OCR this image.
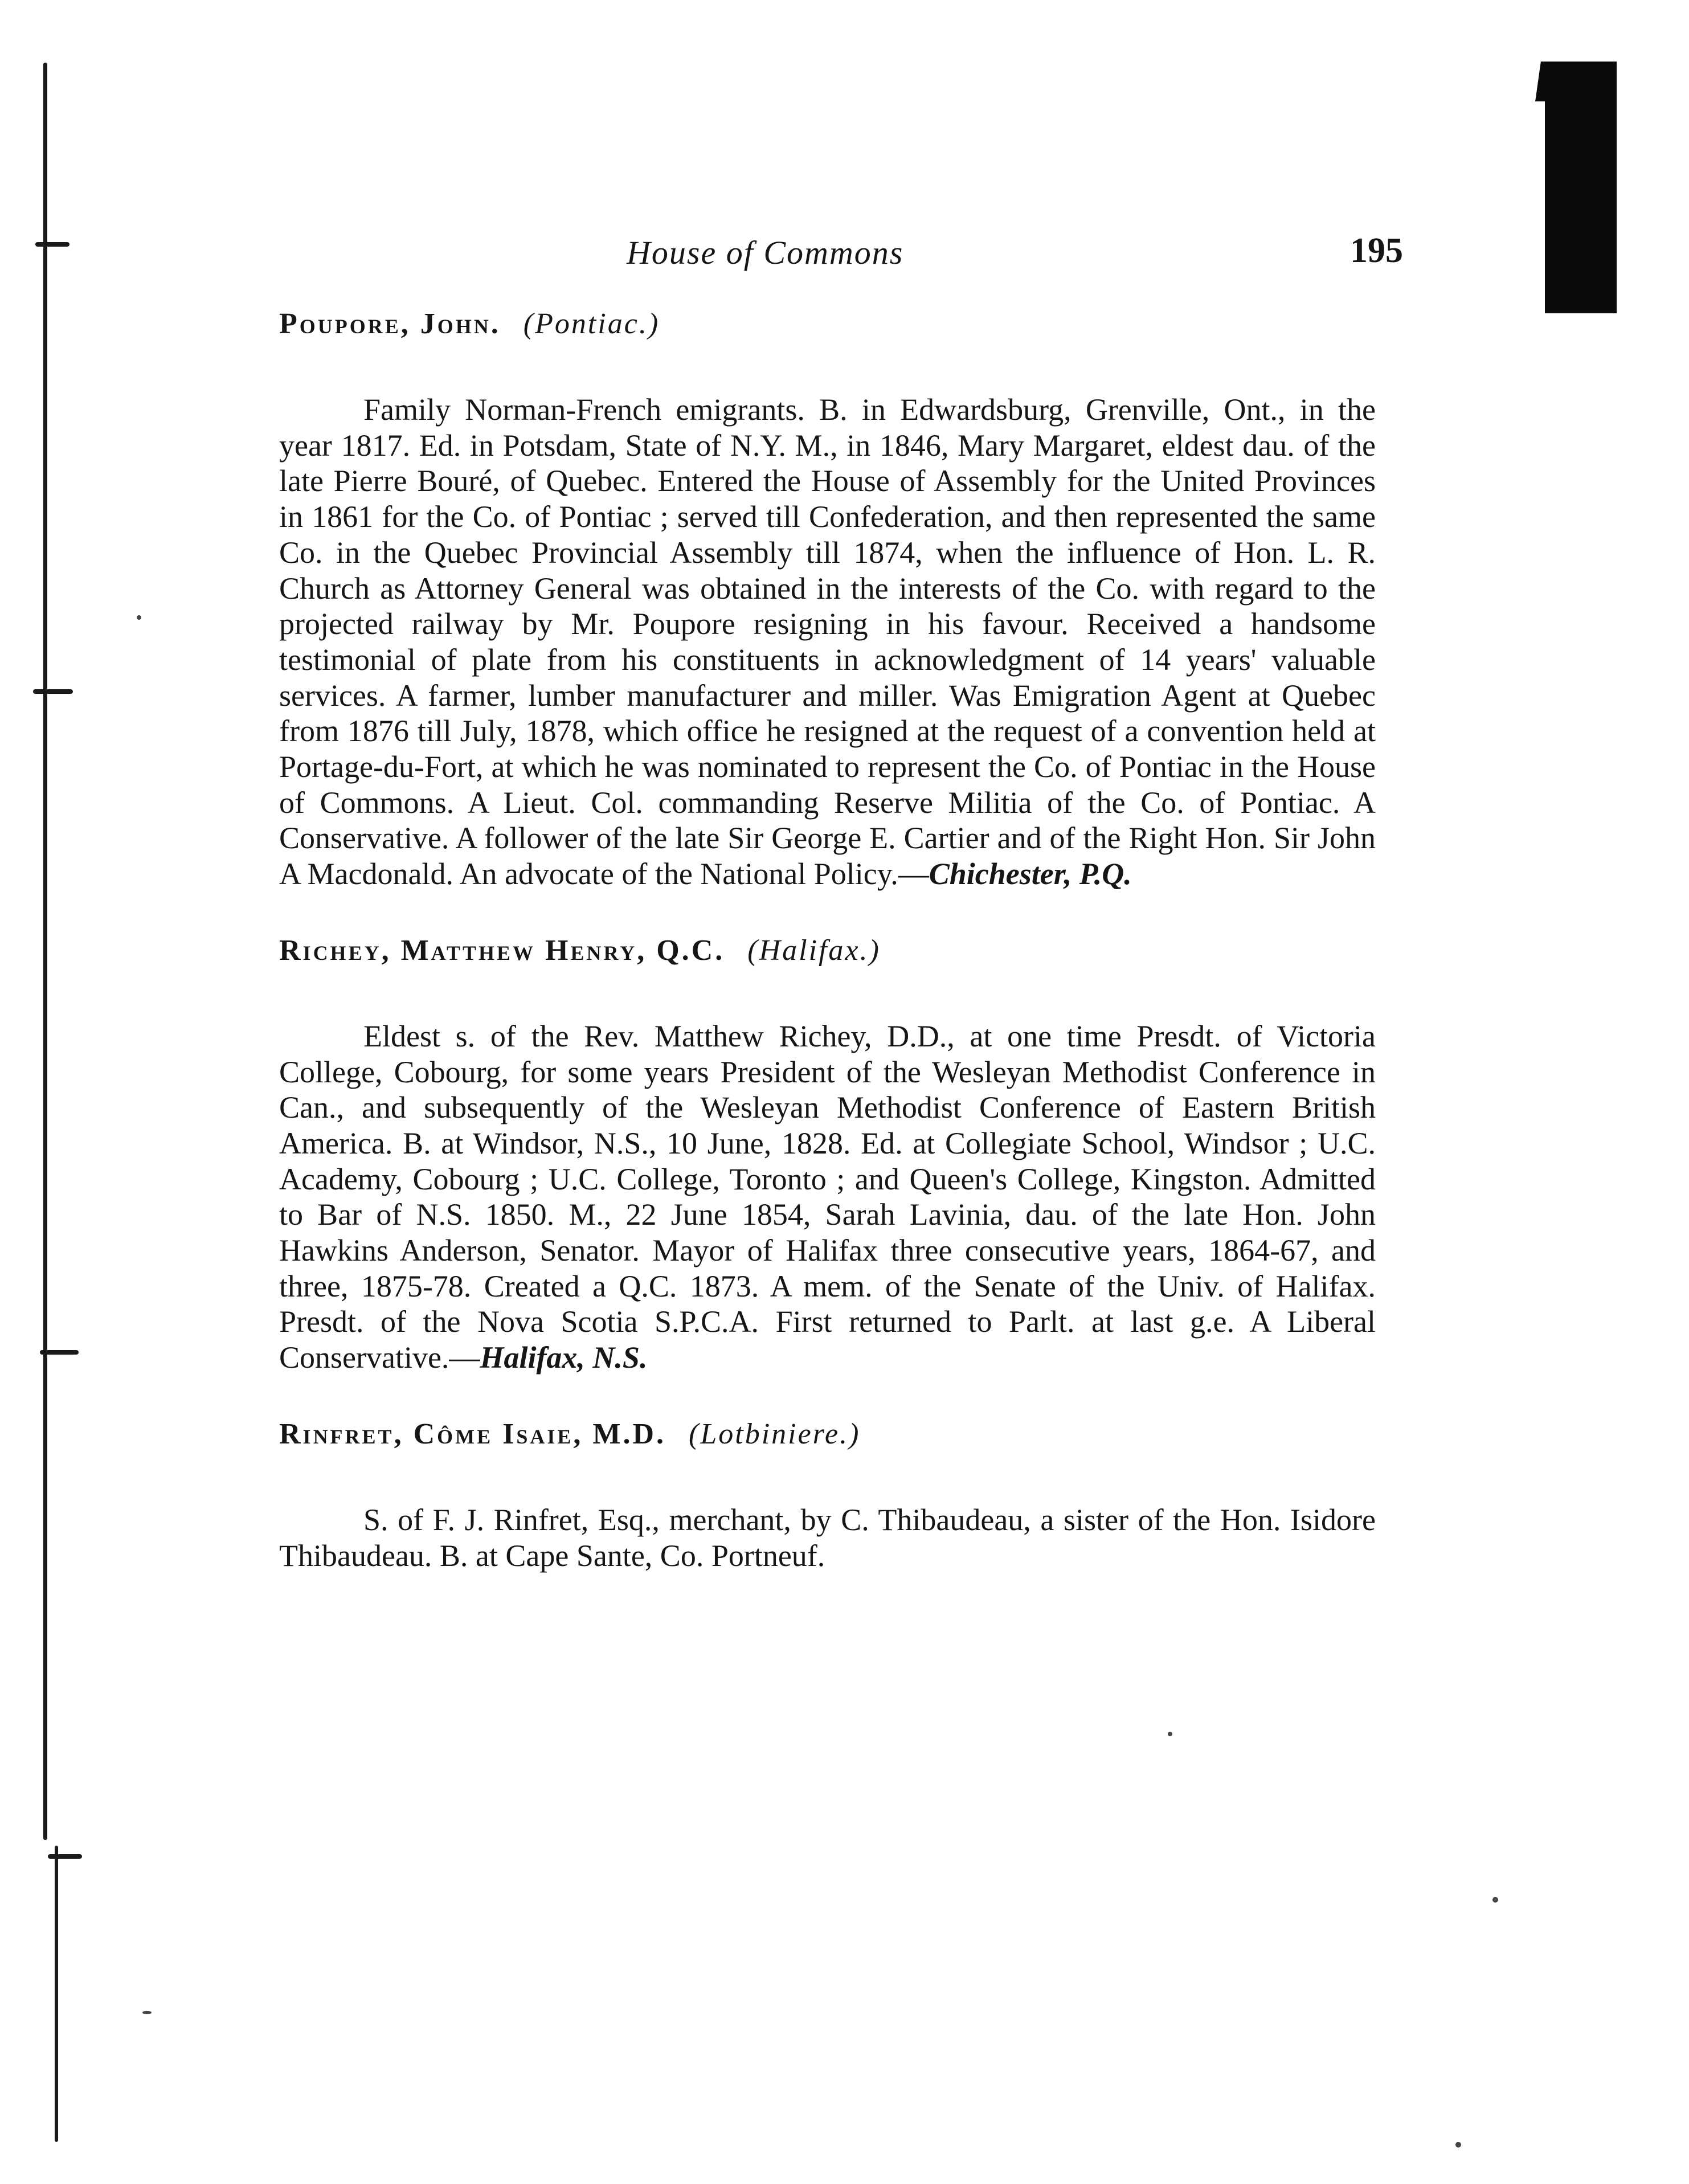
House of Commons	195

Poupore, John. (Pontiac.)

Family Norman-French emigrants. B. in Edwardsburg, Grenville, Ont., in the year 1817. Ed. in Potsdam, State of N.Y. M., in 1846, Mary Margaret, eldest dau. of the late Pierre Bouré, of Quebec. Entered the House of Assembly for the United Provinces in 1861 for the Co. of Pontiac ; served till Confederation, and then represented the same Co. in the Quebec Provincial Assembly till 1874, when the influence of Hon. L. R. Church as Attorney General was obtained in the interests of the Co. with regard to the projected railway by Mr. Poupore resigning in his favour. Received a handsome testimonial of plate from his constituents in acknowledgment of 14 years' valuable services. A farmer, lumber manufacturer and miller. Was Emigration Agent at Quebec from 1876 till July, 1878, which office he resigned at the request of a convention held at Portage-du-Fort, at which he was nominated to represent the Co. of Pontiac in the House of Commons. A Lieut. Col. commanding Reserve Militia of the Co. of Pontiac. A Conservative. A follower of the late Sir George E. Cartier and of the Right Hon. Sir John A Macdonald. An advocate of the National Policy.—Chichester, P.Q.

Richey, Matthew Henry, Q.C. (Halifax.)

Eldest s. of the Rev. Matthew Richey, D.D., at one time Presdt. of Victoria College, Cobourg, for some years President of the Wesleyan Methodist Conference in Can., and subsequently of the Wesleyan Methodist Conference of Eastern British America. B. at Windsor, N.S., 10 June, 1828. Ed. at Collegiate School, Windsor ; U.C. Academy, Cobourg ; U.C. College, Toronto ; and Queen's College, Kingston. Admitted to Bar of N.S. 1850. M., 22 June 1854, Sarah Lavinia, dau. of the late Hon. John Hawkins Anderson, Senator. Mayor of Halifax three consecutive years, 1864-67, and three, 1875-78. Created a Q.C. 1873. A mem. of the Senate of the Univ. of Halifax. Presdt. of the Nova Scotia S.P.C.A. First returned to Parlt. at last g.e. A Liberal Conservative.—Halifax, N.S.

Rinfret, Côme Isaie, M.D. (Lotbiniere.)

S. of F. J. Rinfret, Esq., merchant, by C. Thibaudeau, a sister of the Hon. Isidore Thibaudeau. B. at Cape Sante, Co. Portneuf.
